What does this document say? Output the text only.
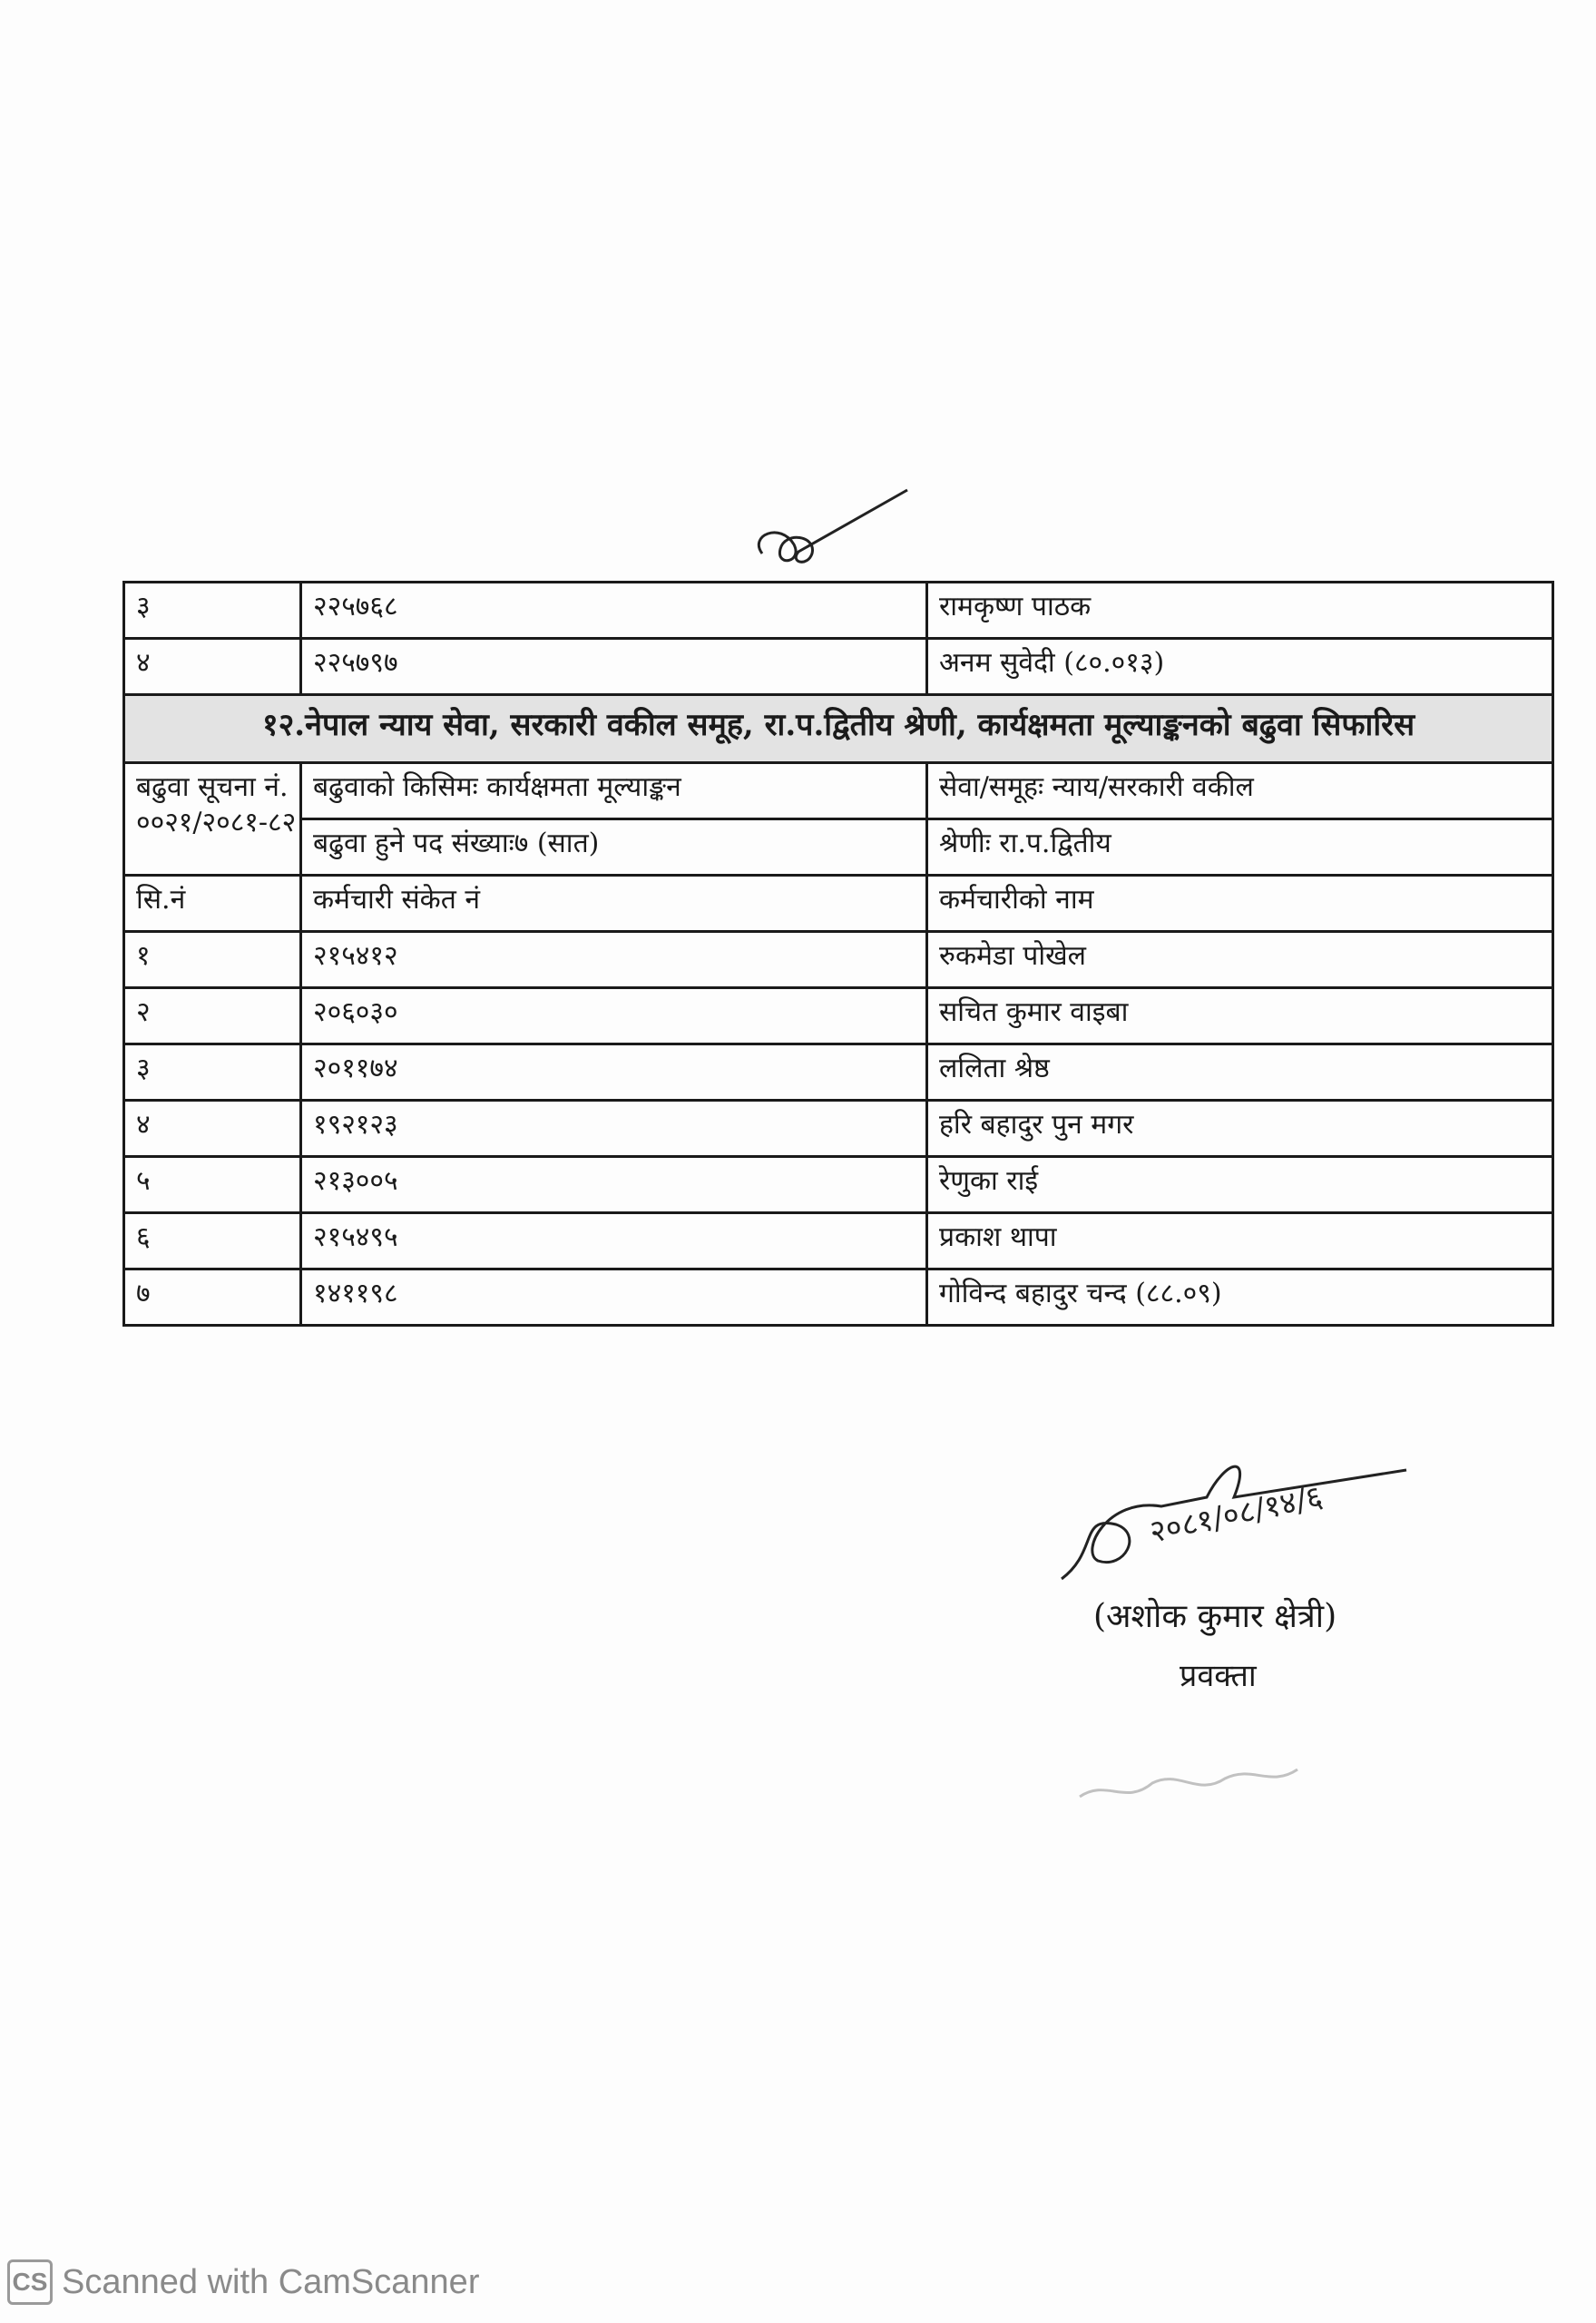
३	२२५७६८	रामकृष्ण पाठक
४	२२५७९७	अनम सुवेदी (८०.०१३)
१२.नेपाल न्याय सेवा, सरकारी वकील समूह, रा.प.द्वितीय श्रेणी, कार्यक्षमता मूल्याङ्कनको बढुवा सिफारिस		
बढुवा सूचना नं. ००२१/२०८१-८२	बढुवाको किसिमः कार्यक्षमता मूल्याङ्कन	सेवा/समूहः न्याय/सरकारी वकील
	बढुवा हुने पद संख्याः७ (सात)	श्रेणीः रा.प.द्वितीय
सि.नं	कर्मचारी संकेत नं	कर्मचारीको नाम
१	२१५४१२	रुकमेडा पोखेल
२	२०६०३०	सचित कुमार वाइबा
३	२०११७४	ललिता श्रेष्ठ
४	१९२१२३	हरि बहादुर पुन मगर
५	२१३००५	रेणुका राई
६	२१५४९५	प्रकाश थापा
७	१४११९८	गोविन्द बहादुर चन्द (८८.०९)
२०८१/०८/१४/६
(अशोक कुमार क्षेत्री)
प्रवक्ता
CS Scanned with CamScanner
